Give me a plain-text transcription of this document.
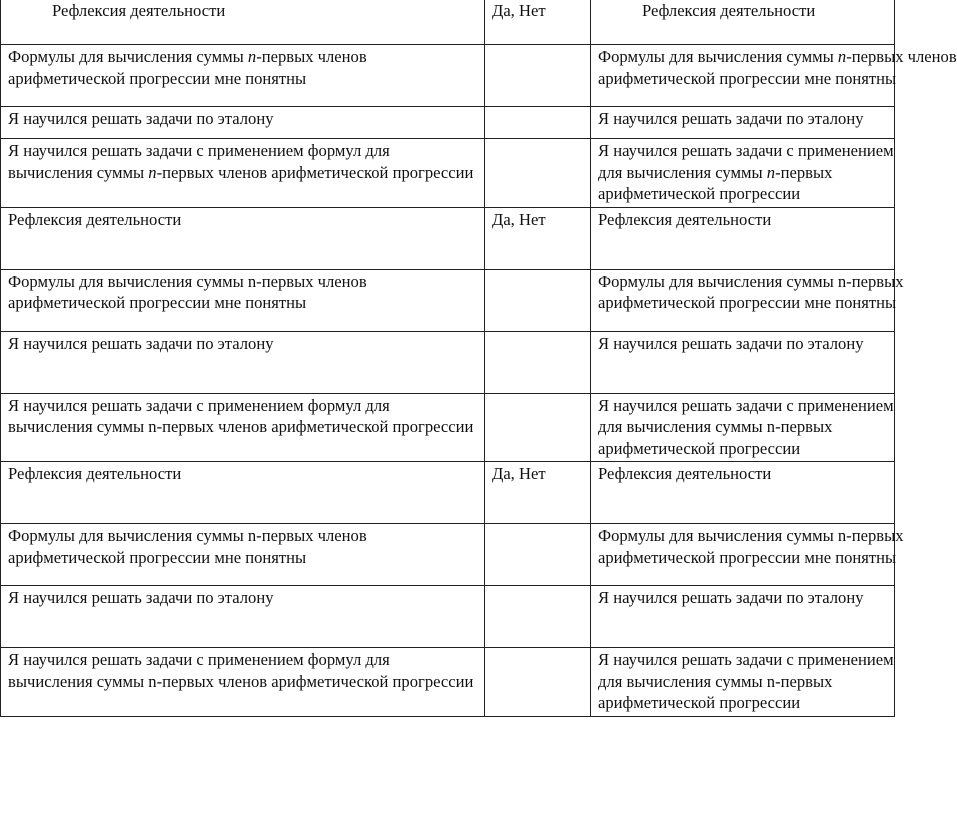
Рефлексия деятельности	Да, Нет	Рефлексия деятельности
Формулы для вычисления суммы n-первых членов арифметической прогрессии мне понятны		Формулы для вычисления суммы n-первых членов
арифметической прогрессии мне понятны
Я научился решать задачи по эталону		Я научился решать задачи по эталону
Я научился решать задачи с применением формул для вычисления суммы n-первых членов арифметической прогрессии		Я научился решать задачи с применением
для вычисления суммы n-первых
арифметической прогрессии
Рефлексия деятельности	Да, Нет	Рефлексия деятельности
Формулы для вычисления суммы n-первых членов арифметической прогрессии мне понятны		Формулы для вычисления суммы n-первых
арифметической прогрессии мне понятны
Я научился решать задачи по эталону		Я научился решать задачи по эталону
Я научился решать задачи с применением формул для вычисления суммы n-первых членов арифметической прогрессии		Я научился решать задачи с применением
для вычисления суммы n-первых
арифметической прогрессии
Рефлексия деятельности	Да, Нет	Рефлексия деятельности
Формулы для вычисления суммы n-первых членов арифметической прогрессии мне понятны		Формулы для вычисления суммы n-первых
арифметической прогрессии мне понятны
Я научился решать задачи по эталону		Я научился решать задачи по эталону
Я научился решать задачи с применением формул для вычисления суммы n-первых членов арифметической прогрессии		Я научился решать задачи с применением
для вычисления суммы n-первых
арифметической прогрессии
